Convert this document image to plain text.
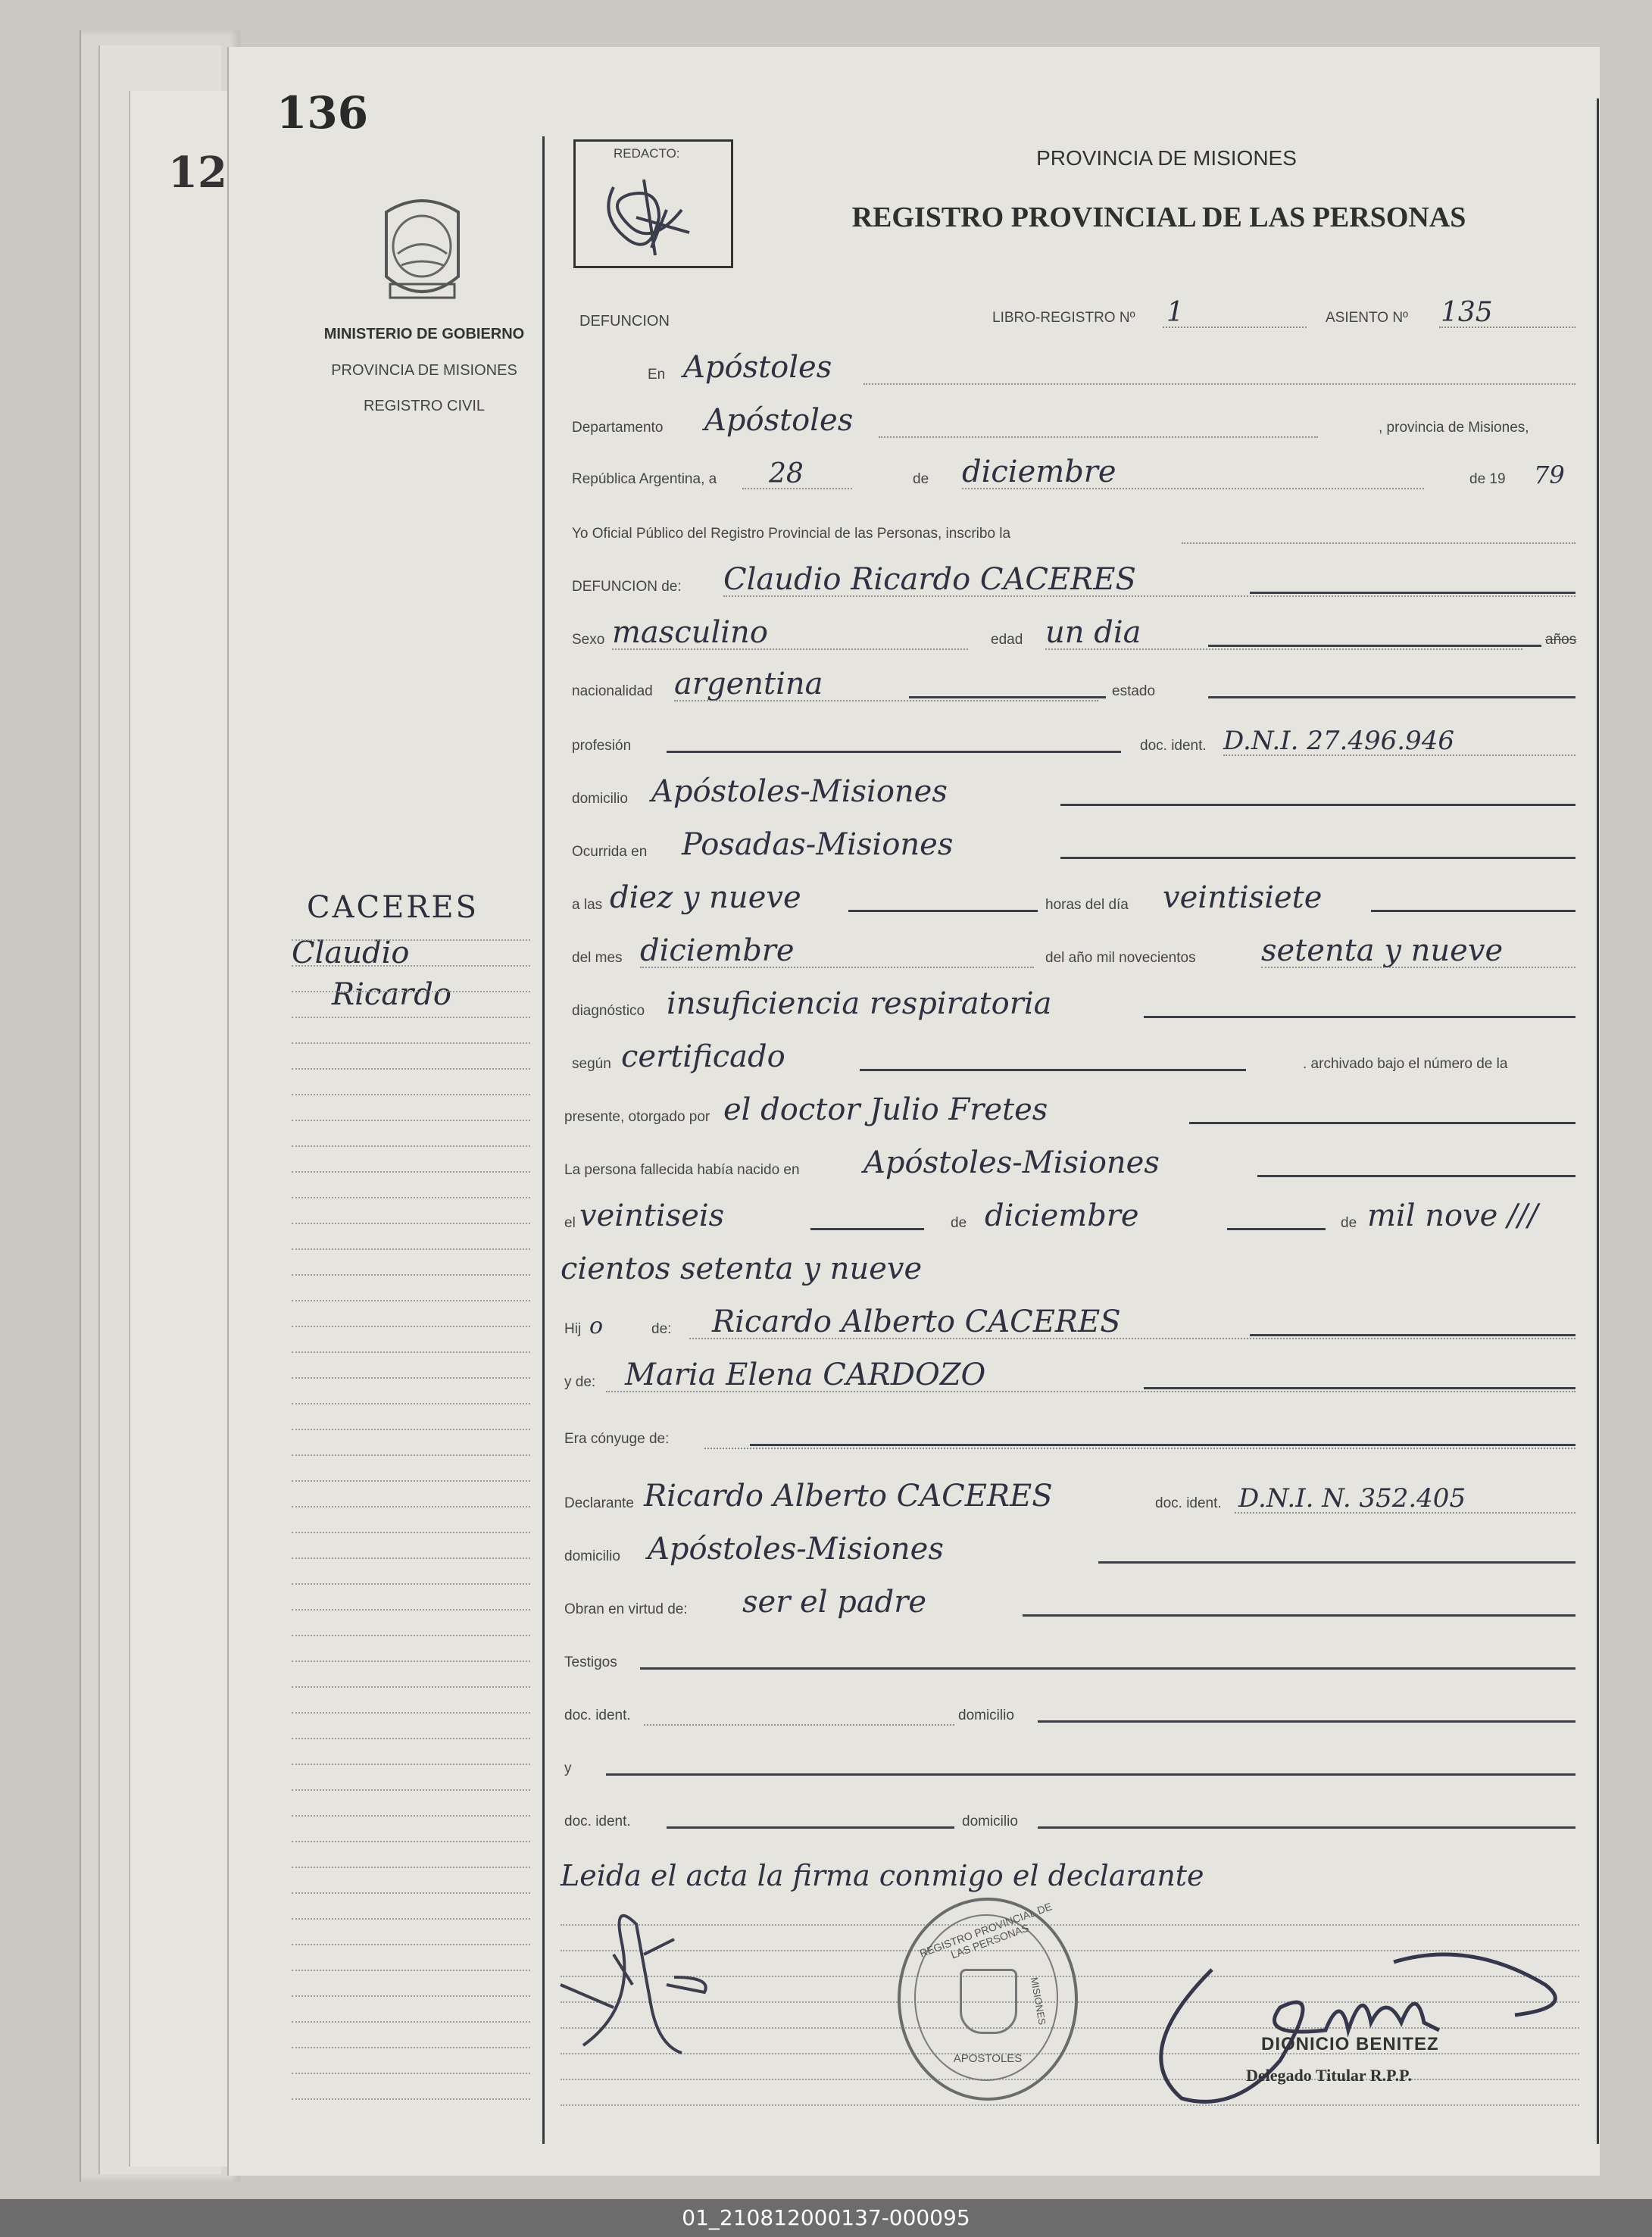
12
136
MINISTERIO DE GOBIERNO
PROVINCIA DE MISIONES
REGISTRO CIVIL
REDACTO:	PROVINCIA DE MISIONES
REGISTRO PROVINCIAL DE LAS PERSONAS
DEFUNCION	LIBRO-REGISTRO Nº 1	ASIENTO Nº 135
CACERES
Claudio
Ricardo
En Apóstoles
Departamento Apóstoles	, provincia de Misiones,
República Argentina, a 28	de diciembre	de 19 79
Yo Oficial Público del Registro Provincial de las Personas, inscribo la
DEFUNCION de: Claudio Ricardo CACERES
Sexo masculino	edad un dia	años
nacionalidad argentina	estado
profesión	doc. ident. D.N.I. 27.496.946
domicilio Apóstoles-Misiones
Ocurrida en Posadas-Misiones
a las diez y nueve	horas del día veintisiete
del mes diciembre	del año mil novecientos setenta y nueve
diagnóstico insuficiencia respiratoria
según certificado	. archivado bajo el número de la
presente, otorgado por el doctor Julio Fretes
La persona fallecida había nacido en Apóstoles-Misiones
el veintiseis	de diciembre	de mil nove ///
cientos setenta y nueve
Hij o	de: Ricardo Alberto CACERES
y de: Maria Elena CARDOZO
Era cónyuge de:
Declarante Ricardo Alberto CACERES	doc. ident. D.N.I. N. 352.405
domicilio Apóstoles-Misiones
Obran en virtud de: ser el padre
Testigos
doc. ident.	domicilio
y
doc. ident.	domicilio
Leida el acta la firma conmigo el declarante
REGISTRO PROVINCIAL DE LAS PERSONAS
MISIONES
APOSTOLES
DIONICIO BENITEZ
Delegado Titular R.P.P.
01_210812000137-000095
